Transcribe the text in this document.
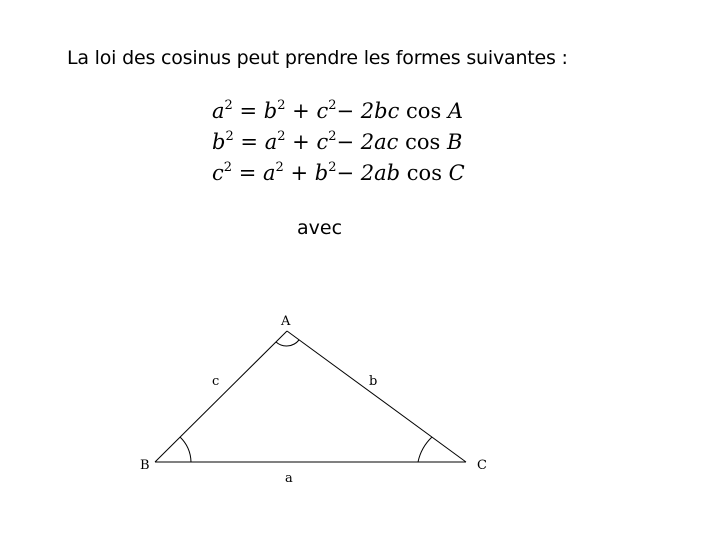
La loi des cosinus peut prendre les formes suivantes :
$a^2 = b^2 + c^2- 2bc$ cos A
$b^2 = a^2 + c^2- 2ac$ cos B
$c^2 = a^2 + b^2- 2ab$ cos C
avec
A
B	C
a
b
c
